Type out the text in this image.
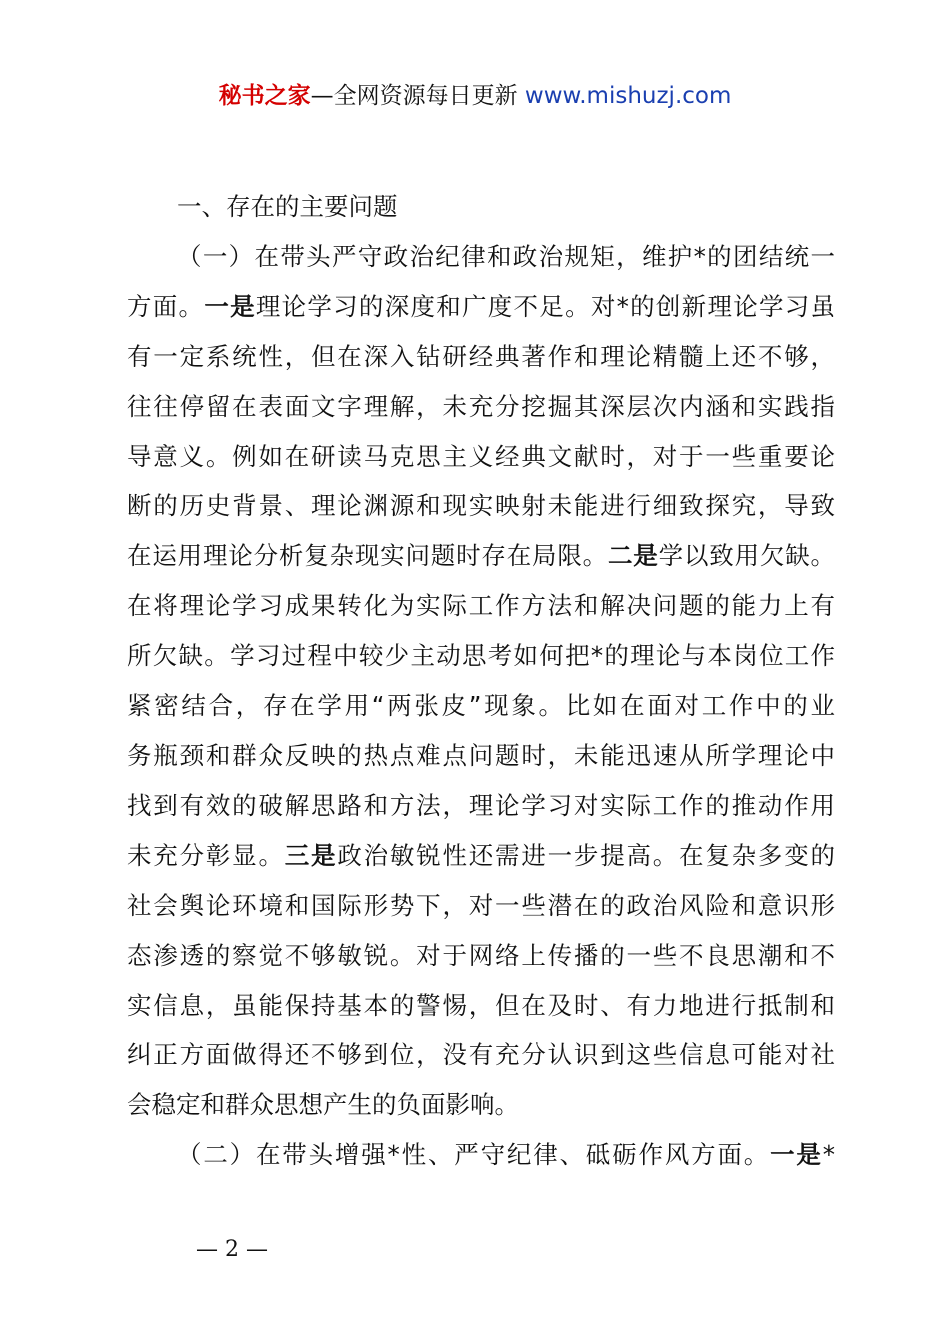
秘书之家—全网资源每日更新 www.mishuzj.com
一、存在的主要问题
（一）在带头严守政治纪律和政治规矩，维护*的团结统一
方面。一是理论学习的深度和广度不足。对*的创新理论学习虽
有一定系统性，但在深入钻研经典著作和理论精髓上还不够，
往往停留在表面文字理解，未充分挖掘其深层次内涵和实践指
导意义。例如在研读马克思主义经典文献时，对于一些重要论
断的历史背景、理论渊源和现实映射未能进行细致探究，导致
在运用理论分析复杂现实问题时存在局限。二是学以致用欠缺。
在将理论学习成果转化为实际工作方法和解决问题的能力上有
所欠缺。学习过程中较少主动思考如何把*的理论与本岗位工作
紧密结合，存在学用“两张皮”现象。比如在面对工作中的业
务瓶颈和群众反映的热点难点问题时，未能迅速从所学理论中
找到有效的破解思路和方法，理论学习对实际工作的推动作用
未充分彰显。三是政治敏锐性还需进一步提高。在复杂多变的
社会舆论环境和国际形势下，对一些潜在的政治风险和意识形
态渗透的察觉不够敏锐。对于网络上传播的一些不良思潮和不
实信息，虽能保持基本的警惕，但在及时、有力地进行抵制和
纠正方面做得还不够到位，没有充分认识到这些信息可能对社
会稳定和群众思想产生的负面影响。
（二）在带头增强*性、严守纪律、砥砺作风方面。一是*
— 2 —
